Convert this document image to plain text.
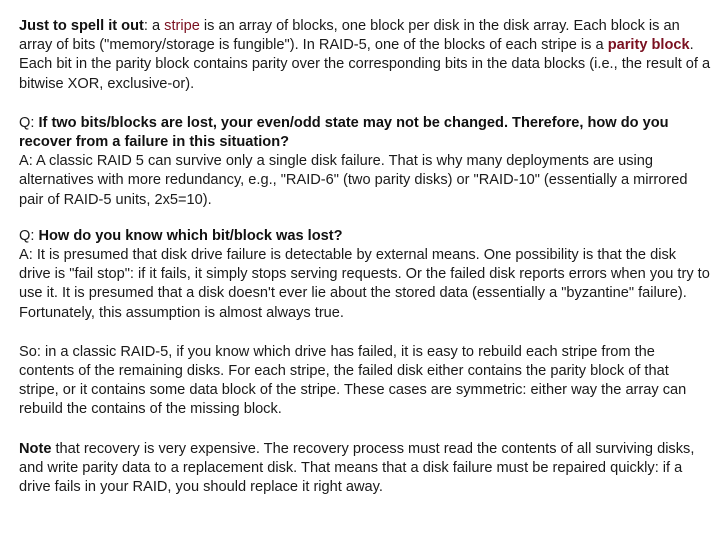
Just to spell it out: a stripe is an array of blocks, one block per disk in the disk array. Each block is an array of bits ("memory/storage is fungible"). In RAID-5, one of the blocks of each stripe is a parity block. Each bit in the parity block contains parity over the corresponding bits in the data blocks (i.e., the result of a bitwise XOR, exclusive-or).

Q: If two bits/blocks are lost, your even/odd state may not be changed. Therefore, how do you recover from a failure in this situation?
A: A classic RAID 5 can survive only a single disk failure. That is why many deployments are using alternatives with more redundancy, e.g., "RAID-6" (two parity disks) or "RAID-10" (essentially a mirrored pair of RAID-5 units, 2x5=10).
Q: How do you know which bit/block was lost?
A: It is presumed that disk drive failure is detectable by external means. One possibility is that the disk drive is "fail stop": if it fails, it simply stops serving requests. Or the failed disk reports errors when you try to use it. It is presumed that a disk doesn't ever lie about the stored data (essentially a "byzantine" failure). Fortunately, this assumption is almost always true.

So: in a classic RAID-5, if you know which drive has failed, it is easy to rebuild each stripe from the contents of the remaining disks. For each stripe, the failed disk either contains the parity block of that stripe, or it contains some data block of the stripe. These cases are symmetric: either way the array can rebuild the contains of the missing block.

Note that recovery is very expensive. The recovery process must read the contents of all surviving disks, and write parity data to a replacement disk. That means that a disk failure must be repaired quickly: if a drive fails in your RAID, you should replace it right away.
